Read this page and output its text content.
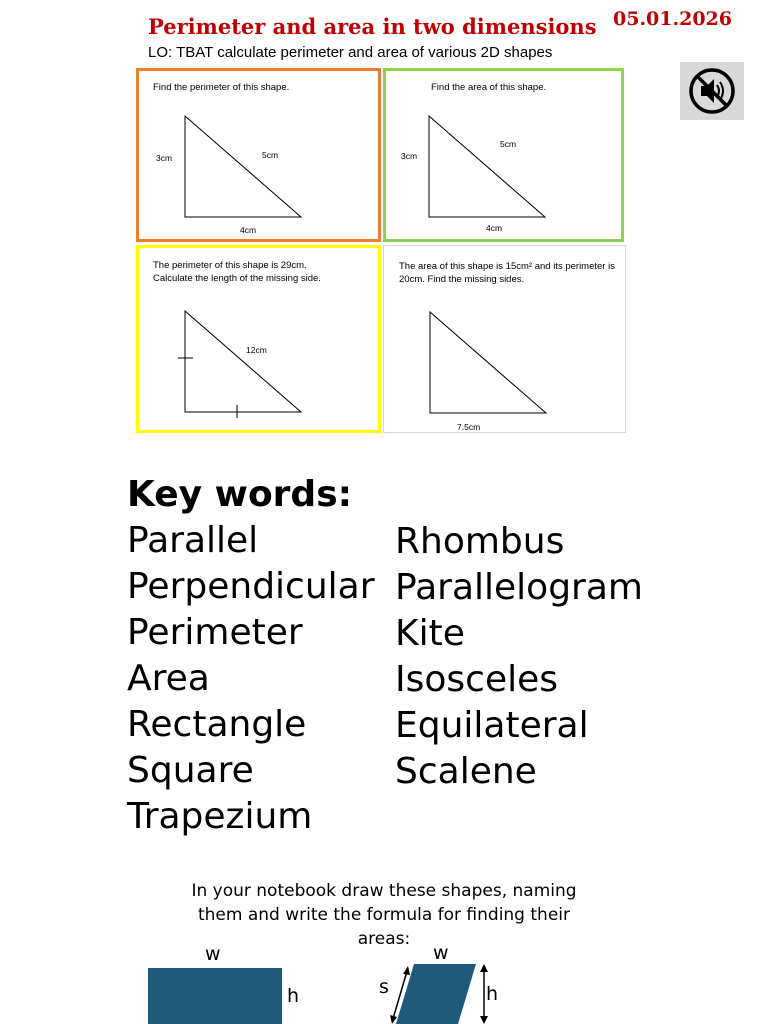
Perimeter and area in two dimensions 05.01.2026
LO: TBAT calculate perimeter and area of various 2D shapes
Find the perimeter of this shape.
3cm	5cm
4cm
Find the area of this shape.
3cm
5cm
4cm
The perimeter of this shape is 29cm. Calculate the length of the missing side.
12cm
The area of this shape is 15cm² and its perimeter is 20cm. Find the missing sides.
7.5cm
Key words:
Parallel
Perpendicular
Perimeter
Area
Rectangle
Square
Trapezium
Rhombus
Parallelogram
Kite
Isosceles
Equilateral
Scalene
In your notebook draw these shapes, naming them and write the formula for finding their areas:
w
h
w
s	h
